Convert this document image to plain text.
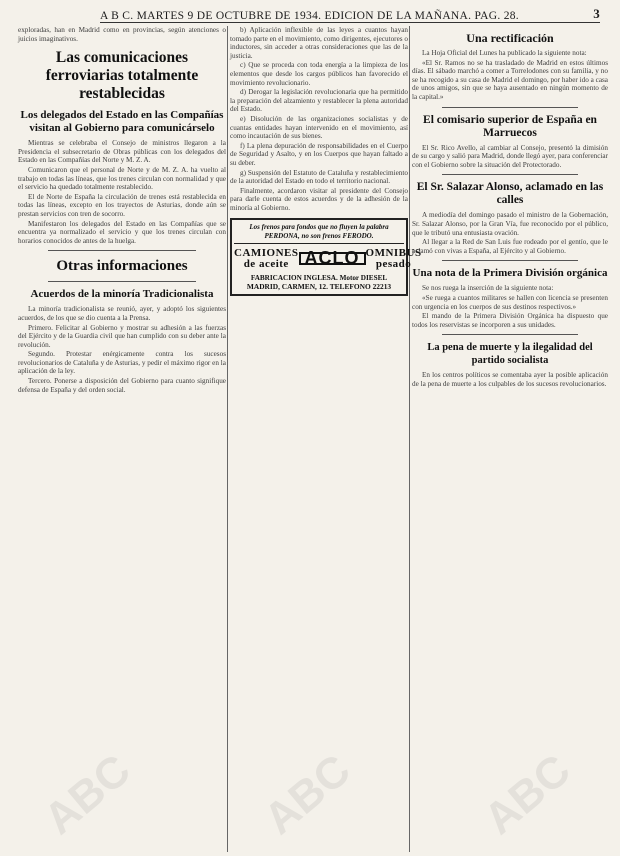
A B C. MARTES 9 DE OCTUBRE DE 1934. EDICION DE LA MAÑANA. PAG. 28.	3

exploradas, han en Madrid como en provincias, según atenciones o juicios imaginativos.

Las comunicaciones ferroviarias totalmente restablecidas
Los delegados del Estado en las Compañías visitan al Gobierno para comunicárselo

Mientras se celebraba el Consejo de ministros llegaron a la Presidencia el subsecretario de Obras públicas con los delegados del Estado en las Compañías del Norte y M. Z. A.

Comunicaron que el personal de Norte y de M. Z. A. ha vuelto al trabajo en todas las líneas, que los trenes circulan con normalidad y que el servicio ha quedado totalmente restablecido.

El de Norte de España la circulación de trenes está restablecida en todas las líneas, excepto en los trayectos de Asturias, donde aún se prestan servicios con tren de socorro.

Manifestaron los delegados del Estado en las Compañías que se encuentra ya normalizado el servicio y que los trenes circulan con horarios conocidos de antes de la huelga.

Otras informaciones
Acuerdos de la minoría Tradicionalista

La minoría tradicionalista se reunió, ayer, y adoptó los siguientes acuerdos, de los que se dio cuenta a la Prensa.

Primero. Felicitar al Gobierno y mostrar su adhesión a las fuerzas del Ejército y de la Guardia civil que han cumplido con su deber ante la revolución.

Segundo. Protestar enérgicamente contra los sucesos revolucionarios de Cataluña y de Asturias, y pedir el máximo rigor en la aplicación de la ley.

Tercero. Ponerse a disposición del Gobierno para cuanto signifique defensa de España y del orden social.

b) Aplicación inflexible de las leyes a cuantos hayan tomado parte en el movimiento, como dirigentes, ejecutores o inductores, sin acceder a otras consideraciones que las de la justicia.

c) Que se proceda con toda energía a la limpieza de los elementos que desde los cargos públicos han favorecido el movimiento revolucionario.

d) Derogar la legislación revolucionaria que ha permitido la preparación del alzamiento y restablecer la plena autoridad del Estado.

e) Disolución de las organizaciones socialistas y de cuantas entidades hayan intervenido en el movimiento, así como incautación de sus bienes.

f) La plena depuración de responsabilidades en el Cuerpo de Seguridad y Asalto, y en los Cuerpos que hayan faltado a su deber.

g) Suspensión del Estatuto de Cataluña y restablecimiento de la autoridad del Estado en todo el territorio nacional.

Finalmente, acordaron visitar al presidente del Consejo para darle cuenta de estos acuerdos y de la adhesión de la minoría al Gobierno.

Los frenos para fondos que no fluyen la palabra PERDONA, no son frenos FERODO.
CAMIONES
de aceite ACLO OMNIBUS
pesado
FABRICACION INGLESA. Motor DIESEL
MADRID, CARMEN, 12. TELEFONO 22213
Una rectificación

La Hoja Oficial del Lunes ha publicado la siguiente nota:

«El Sr. Ramos no se ha trasladado de Madrid en estos últimos días. El sábado marchó a comer a Torrelodones con su familia, y no se ha recogido a su casa de Madrid el domingo, por haber ido a casa de unos amigos, sin que se haya ausentado en ningún momento de la capital.»

El comisario superior de España en Marruecos

El Sr. Rico Avello, al cambiar al Consejo, presentó la dimisión de su cargo y salió para Madrid, donde llegó ayer, para conferenciar con el Gobierno sobre la situación del Protectorado.

El Sr. Salazar Alonso, aclamado en las calles

A mediodía del domingo pasado el ministro de la Gobernación, Sr. Salazar Alonso, por la Gran Vía, fue reconocido por el público, que le tributó una entusiasta ovación.

Al llegar a la Red de San Luis fue rodeado por el gentío, que le aclamó con vivas a España, al Ejército y al Gobierno.

Una nota de la Primera División orgánica

Se nos ruega la inserción de la siguiente nota:

«Se ruega a cuantos militares se hallen con licencia se presenten con urgencia en los cuerpos de sus destinos respectivos.»

El mando de la Primera División Orgánica ha dispuesto que todos los reservistas se incorporen a sus unidades.

La pena de muerte y la ilegalidad del partido socialista

En los centros políticos se comentaba ayer la posible aplicación de la pena de muerte a los culpables de los sucesos revolucionarios.

ABC	ABC	ABC
